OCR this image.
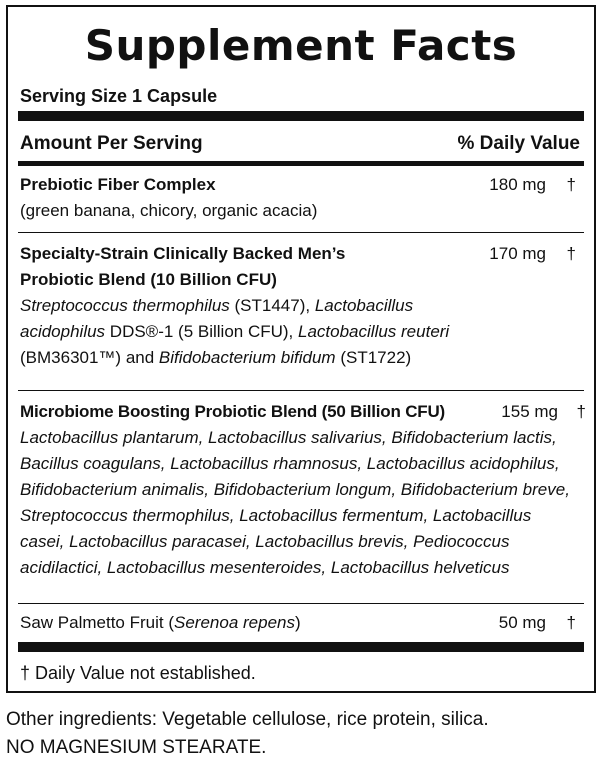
Supplement Facts
Serving Size 1 Capsule
Amount Per Serving	% Daily Value
Prebiotic Fiber Complex
(green banana, chicory, organic acacia)
180 mg †
Specialty-Strain Clinically Backed Men’s
Probiotic Blend (10 Billion CFU)
Streptococcus thermophilus (ST1447), Lactobacillus
acidophilus DDS®-1 (5 Billion CFU), Lactobacillus reuteri
(BM36301™) and Bifidobacterium bifidum (ST1722)
170 mg †
Microbiome Boosting Probiotic Blend (50 Billion CFU)
Lactobacillus plantarum, Lactobacillus salivarius, Bifidobacterium lactis,
Bacillus coagulans, Lactobacillus rhamnosus, Lactobacillus acidophilus,
Bifidobacterium animalis, Bifidobacterium longum, Bifidobacterium breve,
Streptococcus thermophilus, Lactobacillus fermentum, Lactobacillus
casei, Lactobacillus paracasei, Lactobacillus brevis, Pediococcus
acidilactici, Lactobacillus mesenteroides, Lactobacillus helveticus
155 mg †
Saw Palmetto Fruit (Serenoa repens)	50 mg †
† Daily Value not established.
Other ingredients: Vegetable cellulose, rice protein, silica.
NO MAGNESIUM STEARATE.
